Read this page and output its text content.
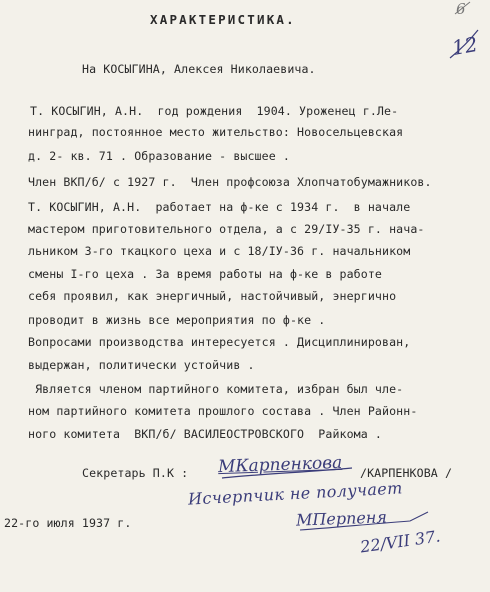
ХАРАКТЕРИСТИКА.
На КОСЫГИНА, Алексея Николаевича.
Т. КОСЫГИН, А.Н.  год рождения  1904. Уроженец г.Ле-
нинград, постоянное место жительство: Новосельцевская
д. 2- кв. 71 . Образование - высшее .
Член ВКП/б/ с 1927 г.  Член профсоюза Хлопчатобумажников.
Т. КОСЫГИН, А.Н.  работает на ф-ке с 1934 г.  в начале
мастером приготовительного отдела, а с 29/IУ-35 г. нача-
льником 3-го ткацкого цеха и с 18/IУ-36 г. начальником
смены I-го цеха . За время работы на ф-ке в работе
себя проявил, как энергичный, настойчивый, энергично
проводит в жизнь все мероприятия по ф-ке .
Вопросами производства интересуется . Дисциплинирован,
выдержан, политически устойчив .
Является членом партийного комитета, избран был чле-
ном партийного комитета прошлого состава . Член Районн-
ного комитета  ВКП/б/ ВАСИЛЕОСТРОВСКОГО  Райкома .
Секретарь П.К :	/КАРПЕНКОВА /
22-го июля 1937 г.
МКарпенкова
Исчерпчик не получает
МПерпеня
22/VII 37.
12
6
